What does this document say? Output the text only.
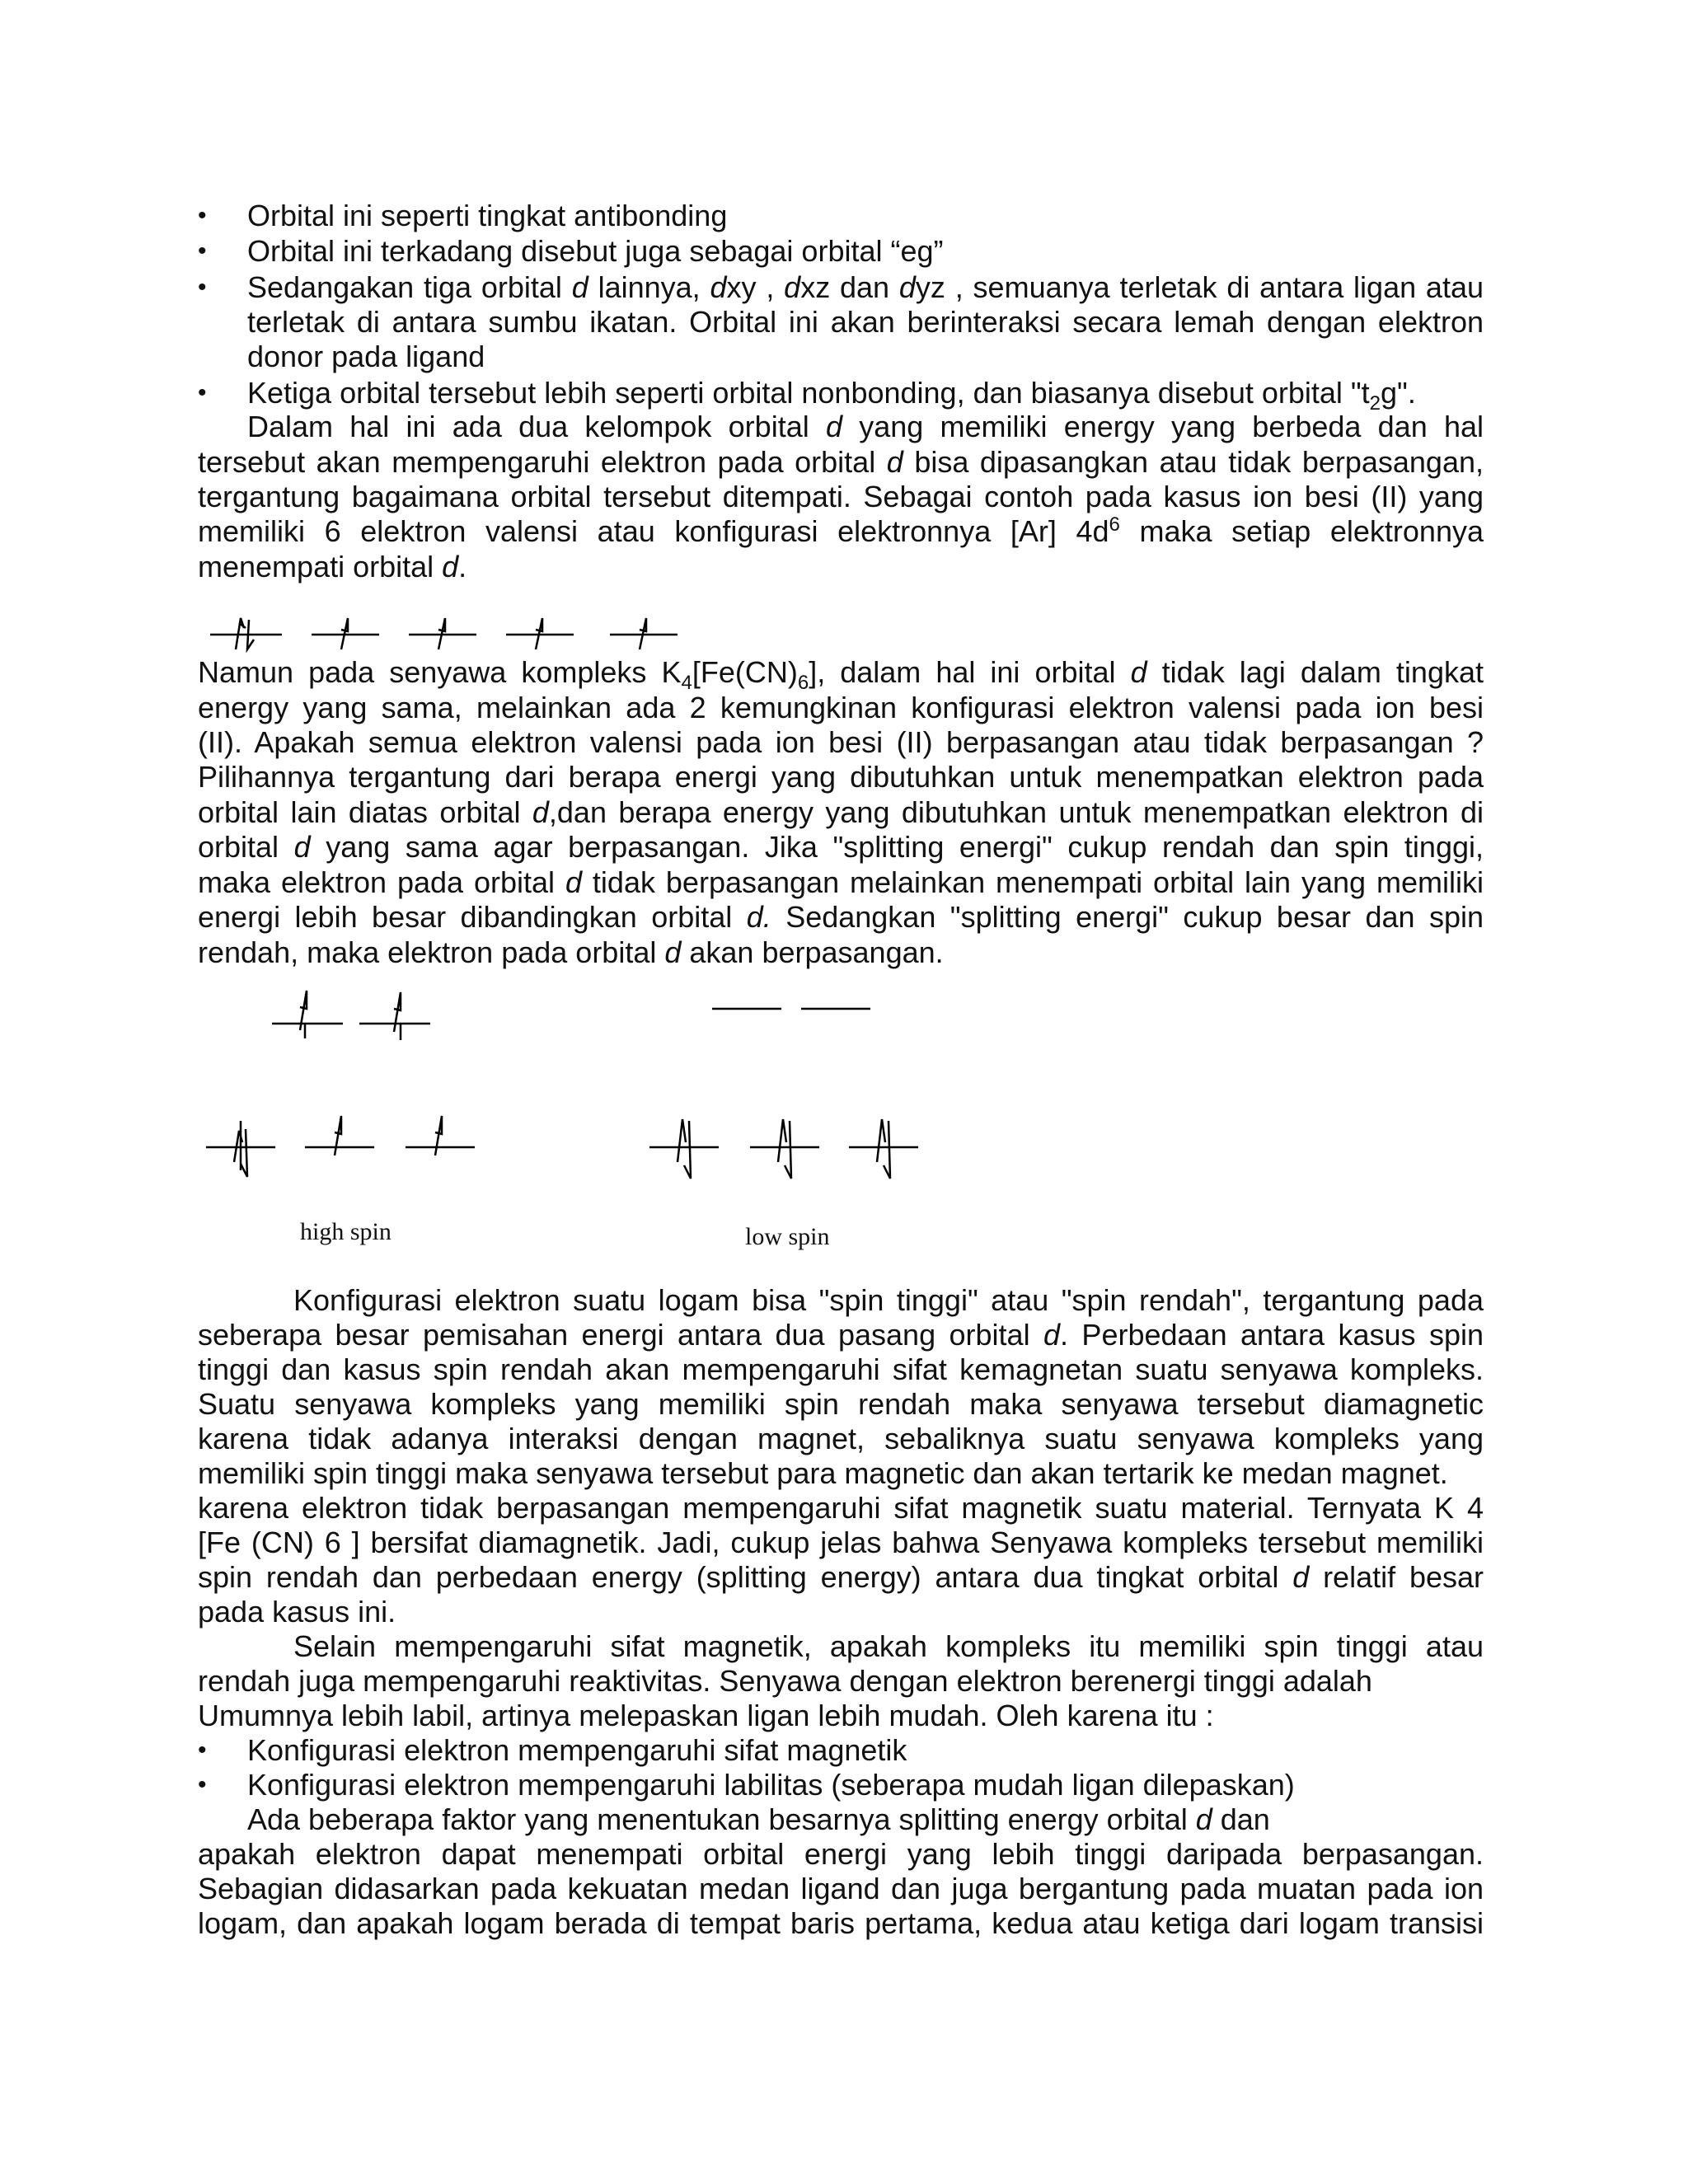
• Orbital ini seperti tingkat antibonding
• Orbital ini terkadang disebut juga sebagai orbital “eg”
• Sedangakan tiga orbital d lainnya, dxy , dxz dan dyz , semuanya terletak di antara ligan atau
terletak di antara sumbu ikatan. Orbital ini akan berinteraksi secara lemah dengan elektron
donor pada ligand
• Ketiga orbital tersebut lebih seperti orbital nonbonding, dan biasanya disebut orbital "$t_2g$".
Dalam hal ini ada dua kelompok orbital d yang memiliki energy yang berbeda dan hal
tersebut akan mempengaruhi elektron pada orbital d bisa dipasangkan atau tidak berpasangan,
tergantung bagaimana orbital tersebut ditempati. Sebagai contoh pada kasus ion besi (II) yang
memiliki 6 elektron valensi atau konfigurasi elektronnya [Ar] $4d^6$ maka setiap elektronnya
menempati orbital d.
Namun pada senyawa kompleks $K_4[Fe(CN)_6]$, dalam hal ini orbital d tidak lagi dalam tingkat
energy yang sama, melainkan ada 2 kemungkinan konfigurasi elektron valensi pada ion besi
(II). Apakah semua elektron valensi pada ion besi (II) berpasangan atau tidak berpasangan ?
Pilihannya tergantung dari berapa energi yang dibutuhkan untuk menempatkan elektron pada
orbital lain diatas orbital d,dan berapa energy yang dibutuhkan untuk menempatkan elektron di
orbital d yang sama agar berpasangan. Jika "splitting energi" cukup rendah dan spin tinggi,
maka elektron pada orbital d tidak berpasangan melainkan menempati orbital lain yang memiliki
energi lebih besar dibandingkan orbital d. Sedangkan "splitting energi" cukup besar dan spin
rendah, maka elektron pada orbital d akan berpasangan.
high spin	low spin
Konfigurasi elektron suatu logam bisa "spin tinggi" atau "spin rendah", tergantung pada
seberapa besar pemisahan energi antara dua pasang orbital d. Perbedaan antara kasus spin
tinggi dan kasus spin rendah akan mempengaruhi sifat kemagnetan suatu senyawa kompleks.
Suatu senyawa kompleks yang memiliki spin rendah maka senyawa tersebut diamagnetic
karena tidak adanya interaksi dengan magnet, sebaliknya suatu senyawa kompleks yang
memiliki spin tinggi maka senyawa tersebut para magnetic dan akan tertarik ke medan magnet.
karena elektron tidak berpasangan mempengaruhi sifat magnetik suatu material. Ternyata K 4
[Fe (CN) 6 ] bersifat diamagnetik. Jadi, cukup jelas bahwa Senyawa kompleks tersebut memiliki
spin rendah dan perbedaan energy (splitting energy) antara dua tingkat orbital d relatif besar
pada kasus ini.
Selain mempengaruhi sifat magnetik, apakah kompleks itu memiliki spin tinggi atau
rendah juga mempengaruhi reaktivitas. Senyawa dengan elektron berenergi tinggi adalah
Umumnya lebih labil, artinya melepaskan ligan lebih mudah. Oleh karena itu :
• Konfigurasi elektron mempengaruhi sifat magnetik
• Konfigurasi elektron mempengaruhi labilitas (seberapa mudah ligan dilepaskan)
Ada beberapa faktor yang menentukan besarnya splitting energy orbital d dan
apakah elektron dapat menempati orbital energi yang lebih tinggi daripada berpasangan.
Sebagian didasarkan pada kekuatan medan ligand dan juga bergantung pada muatan pada ion
logam, dan apakah logam berada di tempat baris pertama, kedua atau ketiga dari logam transisi
